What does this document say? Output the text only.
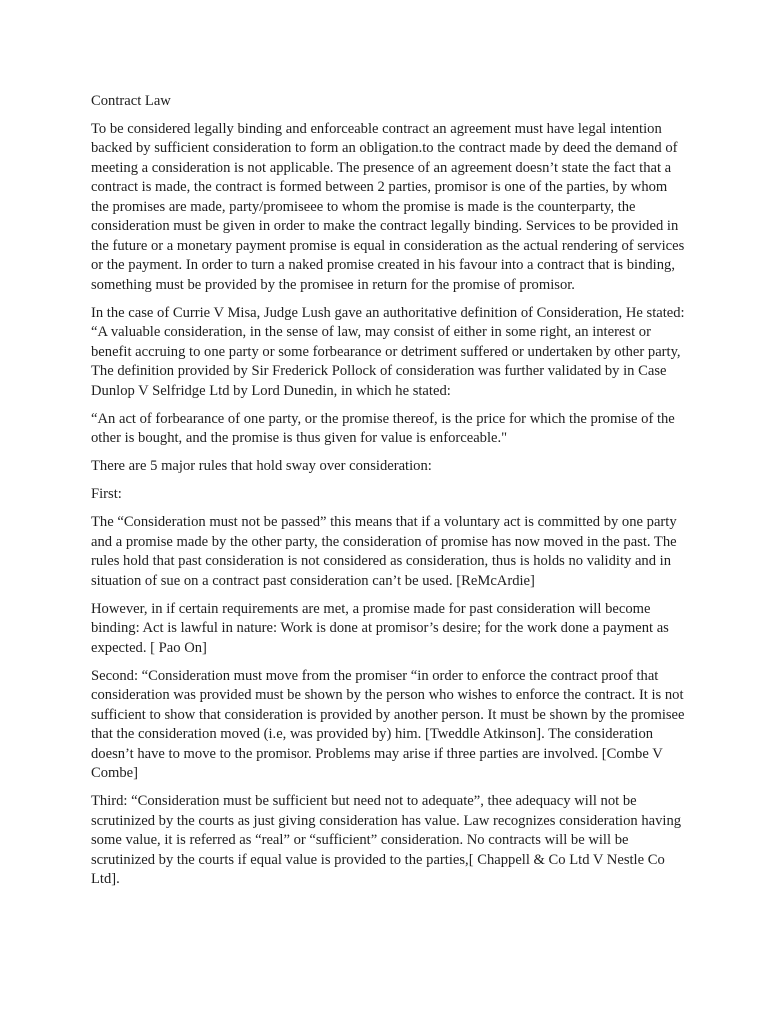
Contract Law

To be considered legally binding and enforceable contract an agreement must have legal intention backed by sufficient consideration to form an obligation.to the contract made by deed the demand of meeting a consideration is not applicable. The presence of an agreement doesn’t state the fact that a contract is made, the contract is formed between 2 parties, promisor is one of the parties, by whom the promises are made, party/promiseee to whom the promise is made is the counterparty, the consideration must be given in order to make the contract legally binding. Services to be provided in the future or a monetary payment promise is equal in consideration as the actual rendering of services or the payment. In order to turn a naked promise created in his favour into a contract that is binding, something must be provided by the promisee in return for the promise of promisor.

In the case of Currie V Misa, Judge Lush gave an authoritative definition of Consideration, He stated: “A valuable consideration, in the sense of law, may consist of either in some right, an interest or benefit accruing to one party or some forbearance or detriment suffered or undertaken by other party, The definition provided by Sir Frederick Pollock of consideration was further validated by in Case Dunlop V Selfridge Ltd by Lord Dunedin, in which he stated:

“An act of forbearance of one party, or the promise thereof, is the price for which the promise of the other is bought, and the promise is thus given for value is enforceable."

There are 5 major rules that hold sway over consideration:

First:

The “Consideration must not be passed” this means that if a voluntary act is committed by one party and a promise made by the other party, the consideration of promise has now moved in the past. The rules hold that past consideration is not considered as consideration, thus is holds no validity and in situation of sue on a contract past consideration can’t be used. [ReMcArdie]

However, in if certain requirements are met, a promise made for past consideration will become binding: Act is lawful in nature: Work is done at promisor’s desire; for the work done a payment as expected. [ Pao On]

Second: “Consideration must move from the promiser “in order to enforce the contract proof that consideration was provided must be shown by the person who wishes to enforce the contract. It is not sufficient to show that consideration is provided by another person. It must be shown by the promisee that the consideration moved (i.e, was provided by) him. [Tweddle Atkinson]. The consideration doesn’t have to move to the promisor. Problems may arise if three parties are involved. [Combe V Combe]

Third: “Consideration must be sufficient but need not to adequate”, thee adequacy will not be scrutinized by the courts as just giving consideration has value. Law recognizes consideration having some value, it is referred as “real” or “sufficient” consideration. No contracts will be will be scrutinized by the courts if equal value is provided to the parties,[ Chappell & Co Ltd V Nestle Co Ltd].
